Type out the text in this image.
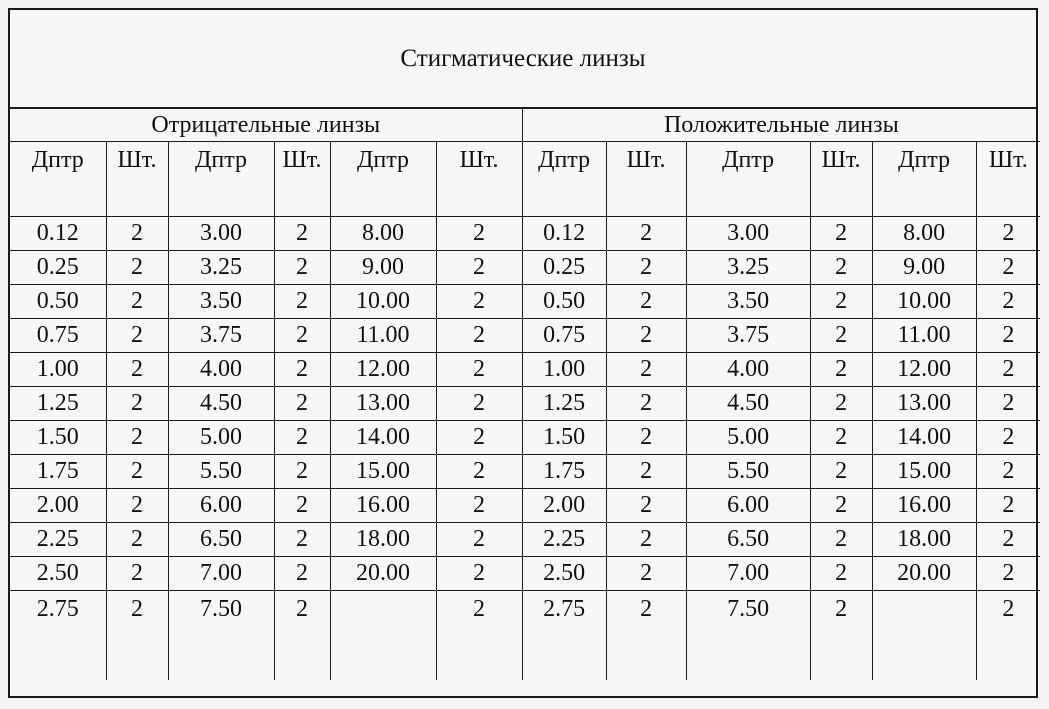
Стигматические линзы
Отрицательные линзы						Положительные линзы					
Дптр	Шт.	Дптр	Шт.	Дптр	Шт.	Дптр	Шт.	Дптр	Шт.	Дптр	Шт.
0.12	2	3.00	2	8.00	2	0.12	2	3.00	2	8.00	2
0.25	2	3.25	2	9.00	2	0.25	2	3.25	2	9.00	2
0.50	2	3.50	2	10.00	2	0.50	2	3.50	2	10.00	2
0.75	2	3.75	2	11.00	2	0.75	2	3.75	2	11.00	2
1.00	2	4.00	2	12.00	2	1.00	2	4.00	2	12.00	2
1.25	2	4.50	2	13.00	2	1.25	2	4.50	2	13.00	2
1.50	2	5.00	2	14.00	2	1.50	2	5.00	2	14.00	2
1.75	2	5.50	2	15.00	2	1.75	2	5.50	2	15.00	2
2.00	2	6.00	2	16.00	2	2.00	2	6.00	2	16.00	2
2.25	2	6.50	2	18.00	2	2.25	2	6.50	2	18.00	2
2.50	2	7.00	2	20.00	2	2.50	2	7.00	2	20.00	2
2.75	2	7.50	2		2	2.75	2	7.50	2		2
